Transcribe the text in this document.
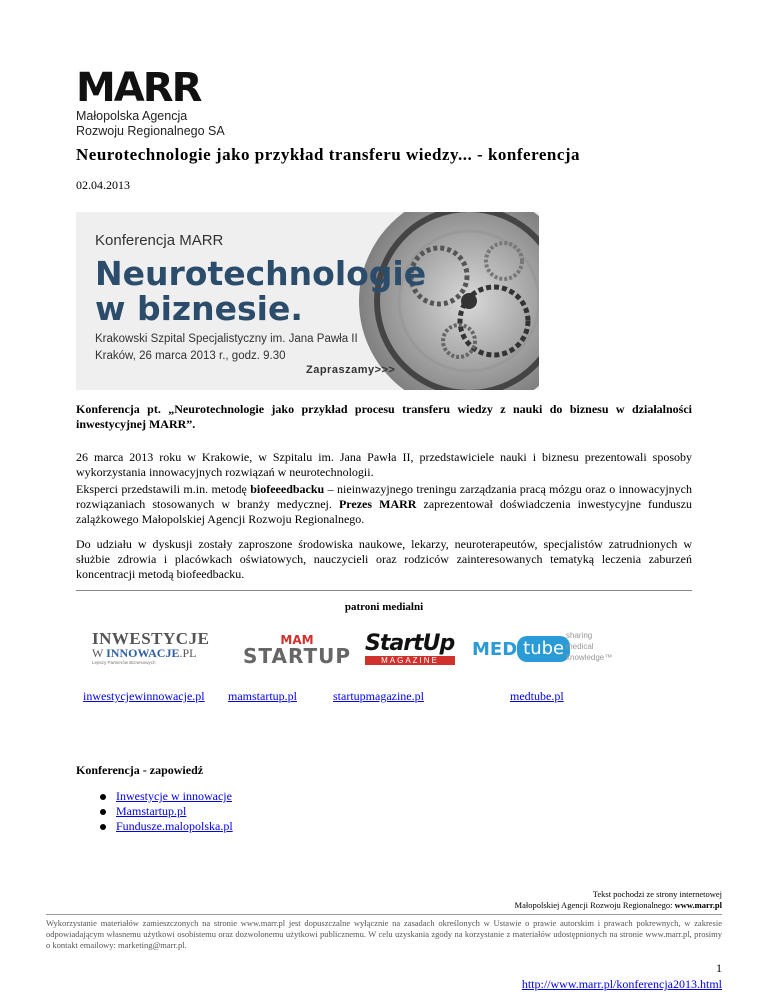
MARR
Małopolska Agencja
Rozwoju Regionalnego SA
Neurotechnologie jako przykład transferu wiedzy... - konferencja
02.04.2013
Konferencja MARR
Neurotechnologie
w biznesie.
Krakowski Szpital Specjalistyczny im. Jana Pawła II
Kraków, 26 marca 2013 r., godz. 9.30
Zapraszamy>>>
Konferencja pt. „Neurotechnologie jako przykład procesu transferu wiedzy z nauki do biznesu w działalności inwestycyjnej MARR”.
26 marca 2013 roku w Krakowie, w Szpitalu im. Jana Pawła II, przedstawiciele nauki i biznesu prezentowali sposoby wykorzystania innowacyjnych rozwiązań w neurotechnologii.
Eksperci przedstawili m.in. metodę biofeeedbacku – nieinwazyjnego treningu zarządzania pracą mózgu oraz o innowacyjnych rozwiązaniach stosowanych w branży medycznej. Prezes MARR zaprezentował doświadczenia inwestycyjne funduszu zalążkowego Małopolskiej Agencji Rozwoju Regionalnego.
Do udziału w dyskusji zostały zaproszone środowiska naukowe, lekarzy, neuroterapeutów, specjalistów zatrudnionych w służbie zdrowia i placówkach oświatowych, nauczycieli oraz rodziców zainteresowanych tematyką leczenia zaburzeń koncentracji metodą biofeedbacku.
patroni medialni
INWESTYCJE
W INNOWACJE.PL
Lepszy Partnerów Biznesowych
MAM
STARTUP StartUp
MAGAZINE
MED tube
sharing
medical
knowledge™
inwestycjewinnowacje.pl mamstartup.pl	startupmagazine.pl	medtube.pl
Konferencja - zapowiedź
Inwestycje w innowacje
Mamstartup.pl
Fundusze.malopolska.pl
Tekst pochodzi ze strony internetowej
Małopolskiej Agencji Rozwoju Regionalnego: www.marr.pl
Wykorzystanie materiałów zamieszczonych na stronie www.marr.pl jest dopuszczalne wyłącznie na zasadach określonych w Ustawie o prawie autorskim i prawach pokrewnych, w zakresie odpowiadającym własnemu użytkowi osobistemu oraz dozwolonemu użytkowi publicznemu. W celu uzyskania zgody na korzystanie z materiałów udostępnionych na stronie www.marr.pl, prosimy o kontakt emailowy: marketing@marr.pl.
1
http://www.marr.pl/konferencja2013.html
